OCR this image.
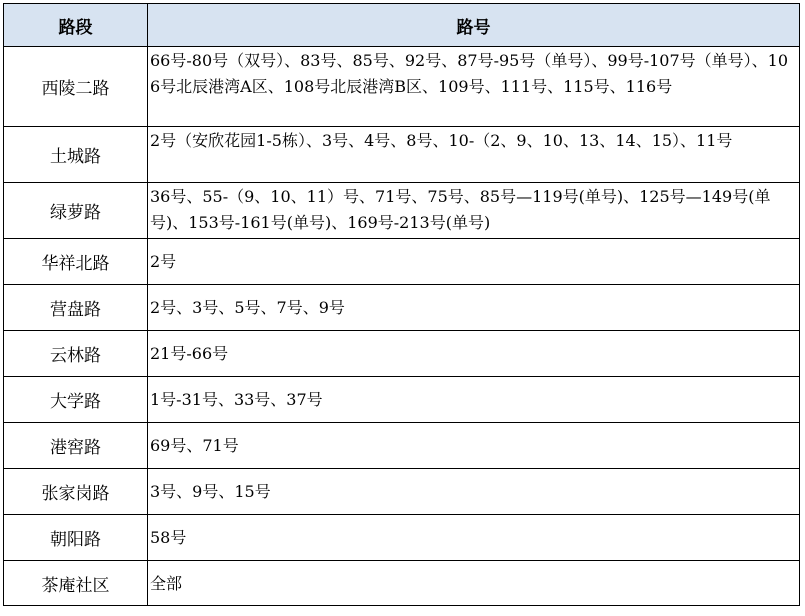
路段	路号
西陵二路	66号-80号（双号）、83号、85号、92号、87号-95号（单号）、99号-107号（单号）、106号北辰港湾A区、108号北辰港湾B区、109号、111号、115号、116号
土城路	2号（安欣花园1-5栋）、3号、4号、8号、10-（2、9、10、13、14、15）、11号
绿萝路	36号、55-（9、10、11）号、71号、75号、85号—119号(单号)、125号—149号(单号)、153号-161号(单号)、169号-213号(单号)
华祥北路	2号
营盘路	2号、3号、5号、7号、9号
云林路	21号-66号
大学路	1号-31号、33号、37号
港窖路	69号、71号
张家岗路	3号、9号、15号
朝阳路	58号
茶庵社区	全部
